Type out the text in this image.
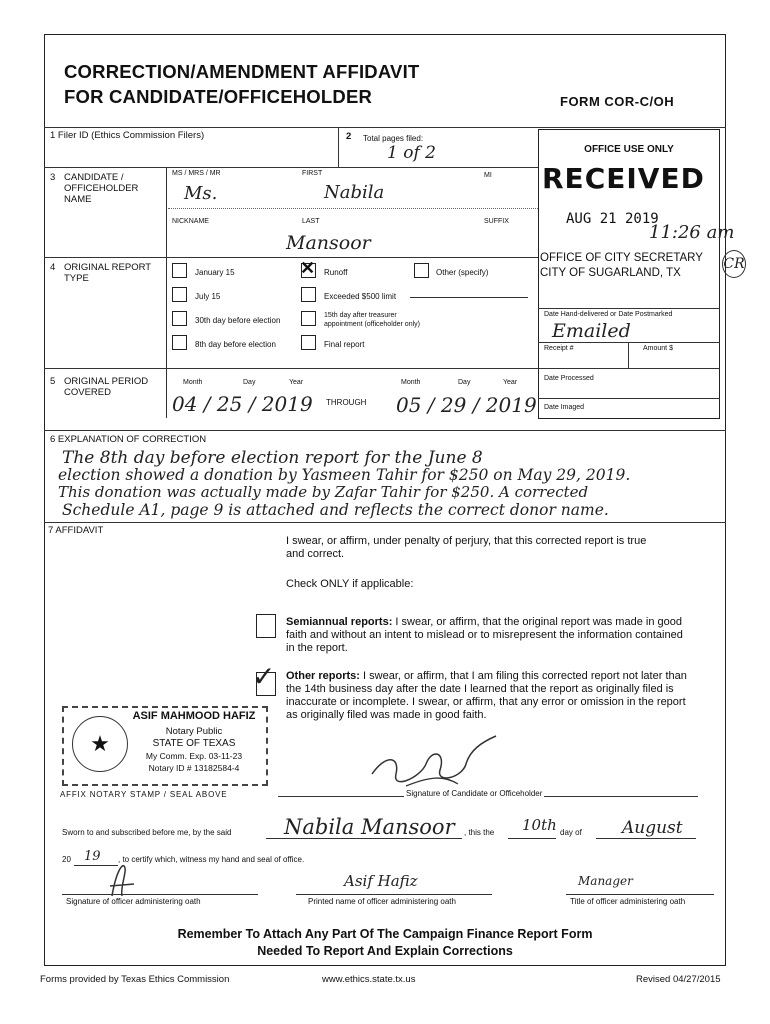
CORRECTION/AMENDMENT AFFIDAVIT
FOR CANDIDATE/OFFICEHOLDER	FORM COR-C/OH
1 Filer ID (Ethics Commission Filers)	2 Total pages filed:
1 of 2	OFFICE USE ONLY
RECEIVED
AUG 21 2019
11:26 am
OFFICE OF CITY SECRETARY
CITY OF SUGARLAND, TX
CR
Date Hand-delivered or Date Postmarked
Emailed
Receipt #	Amount $
Date Processed
Date Imaged
3 CANDIDATE / OFFICEHOLDER NAME
MS / MRS / MR
Ms.
FIRST
Nabila
MI
NICKNAME	LAST	SUFFIX
Mansoor
4 ORIGINAL REPORT TYPE
January 15
July 15
30th day before election
8th day before election
✕ Runoff
Exceeded $500 limit
15th day after treasurer
appointment (officeholder only)
Final report
Other (specify)
5 ORIGINAL PERIOD COVERED
Month	Day	Year	Month	Day	Year
04 / 25 / 2019 THROUGH 05 / 29 / 2019
6 EXPLANATION OF CORRECTION
The 8th day before election report for the June 8
election showed a donation by Yasmeen Tahir for $250 on May 29, 2019.
This donation was actually made by Zafar Tahir for $250. A corrected
Schedule A1, page 9 is attached and reflects the correct donor name.
7 AFFIDAVIT
I swear, or affirm, under penalty of perjury, that this corrected report is true and correct.
Check ONLY if applicable:
Semiannual reports: I swear, or affirm, that the original report was made in good faith and without an intent to mislead or to misrepresent the information contained in the report.
✓ Other reports: I swear, or affirm, that I am filing this corrected report not later than the 14th business day after the date I learned that the report as originally filed is inaccurate or incomplete. I swear, or affirm, that any error or omission in the report as originally filed was made in good faith.
Signature of Candidate or Officeholder
★
ASIF MAHMOOD HAFIZ
Notary Public
STATE OF TEXAS
My Comm. Exp. 03-11-23
Notary ID # 13182584-4
AFFIX NOTARY STAMP / SEAL ABOVE
Sworn to and subscribed before me, by the said	Nabila Mansoor , this the 10th day of August
20 19 , to certify which, witness my hand and seal of office.
Asif Hafiz	Manager
Signature of officer administering oath	Printed name of officer administering oath	Title of officer administering oath
Remember To Attach Any Part Of The Campaign Finance Report Form
Needed To Report And Explain Corrections
Forms provided by Texas Ethics Commission	www.ethics.state.tx.us	Revised 04/27/2015
